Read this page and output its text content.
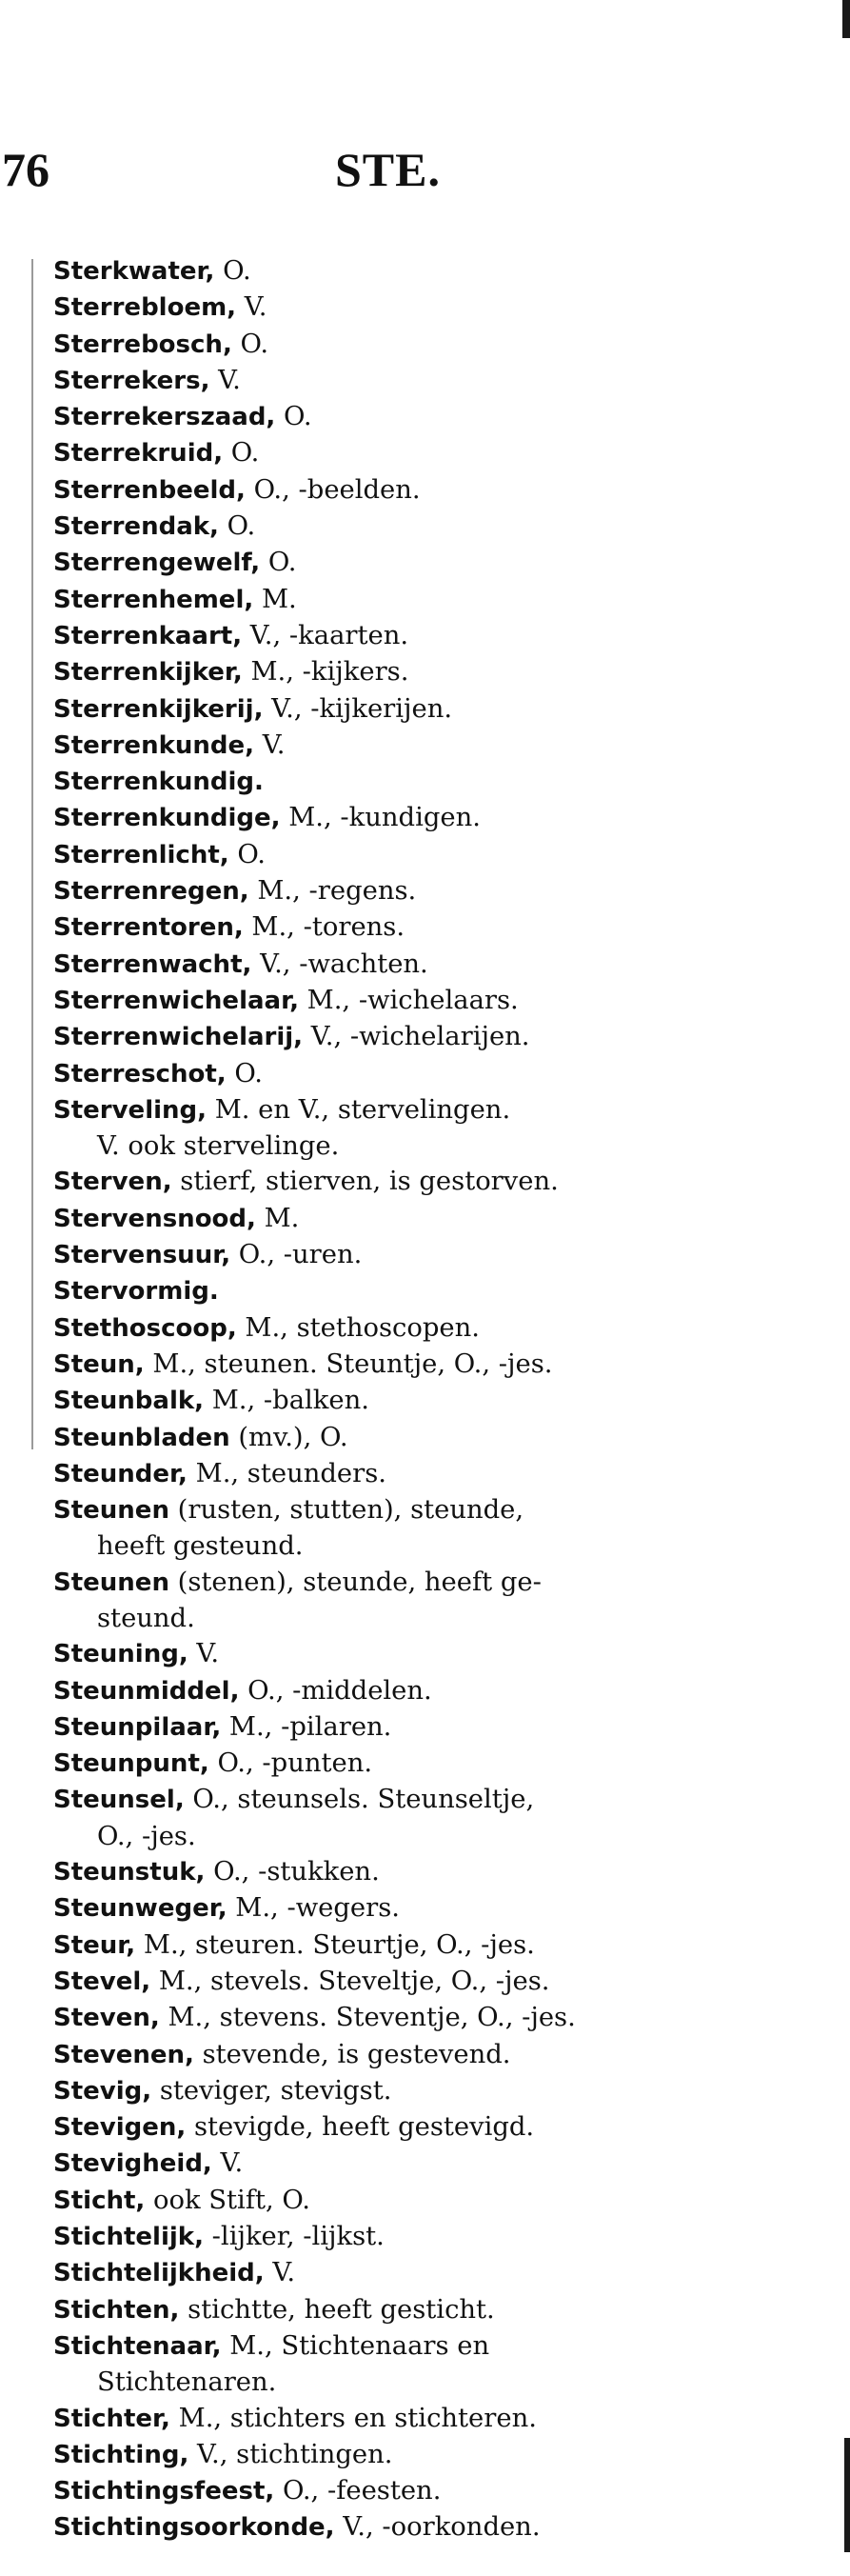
76	STE.
Sterkwater, O.
Sterrebloem, V.
Sterrebosch, O.
Sterrekers, V.
Sterrekerszaad, O.
Sterrekruid, O.
Sterrenbeeld, O., -beelden.
Sterrendak, O.
Sterrengewelf, O.
Sterrenhemel, M.
Sterrenkaart, V., -kaarten.
Sterrenkijker, M., -kijkers.
Sterrenkijkerij, V., -kijkerijen.
Sterrenkunde, V.
Sterrenkundig.
Sterrenkundige, M., -kundigen.
Sterrenlicht, O.
Sterrenregen, M., -regens.
Sterrentoren, M., -torens.
Sterrenwacht, V., -wachten.
Sterrenwichelaar, M., -wichelaars.
Sterrenwichelarij, V., -wichelarijen.
Sterreschot, O.
Sterveling, M. en V., stervelingen.
V. ook stervelinge.
Sterven, stierf, stierven, is gestorven.
Stervensnood, M.
Stervensuur, O., -uren.
Stervormig.
Stethoscoop, M., stethoscopen.
Steun, M., steunen. Steuntje, O., -jes.
Steunbalk, M., -balken.
Steunbladen (mv.), O.
Steunder, M., steunders.
Steunen (rusten, stutten), steunde,
heeft gesteund.
Steunen (stenen), steunde, heeft ge-
steund.
Steuning, V.
Steunmiddel, O., -middelen.
Steunpilaar, M., -pilaren.
Steunpunt, O., -punten.
Steunsel, O., steunsels. Steunseltje,
O., -jes.
Steunstuk, O., -stukken.
Steunweger, M., -wegers.
Steur, M., steuren. Steurtje, O., -jes.
Stevel, M., stevels. Steveltje, O., -jes.
Steven, M., stevens. Steventje, O., -jes.
Stevenen, stevende, is gestevend.
Stevig, steviger, stevigst.
Stevigen, stevigde, heeft gestevigd.
Stevigheid, V.
Sticht, ook Stift, O.
Stichtelijk, -lijker, -lijkst.
Stichtelijkheid, V.
Stichten, stichtte, heeft gesticht.
Stichtenaar, M., Stichtenaars en
Stichtenaren.
Stichter, M., stichters en stichteren.
Stichting, V., stichtingen.
Stichtingsfeest, O., -feesten.
Stichtingsoorkonde, V., -oorkonden.
